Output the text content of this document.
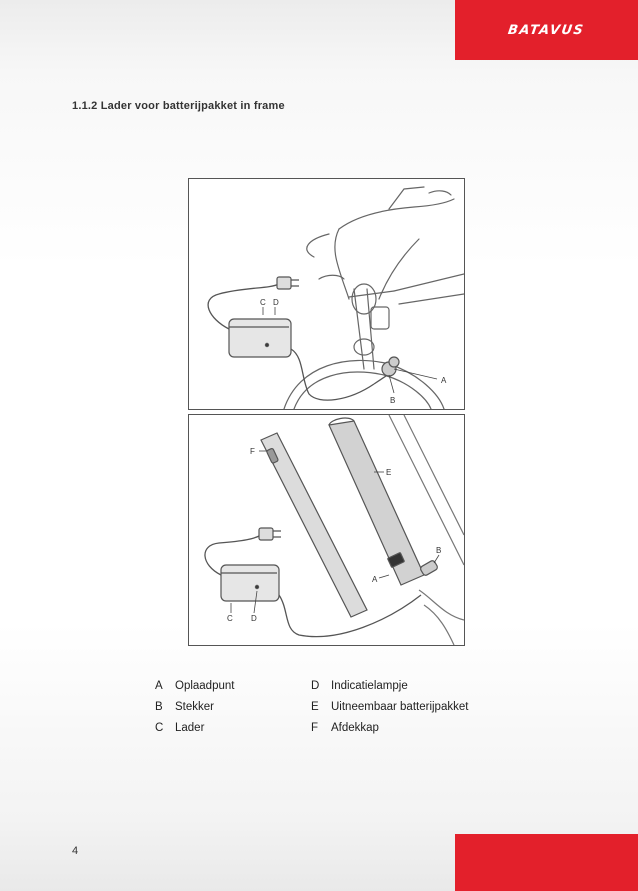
BATAVUS
1.1.2 Lader voor batterijpakket in frame
A
B
C D
F
E
A
B
C D
A	Oplaadpunt
B	Stekker
C	Lader
D	Indicatielampje
E	Uitneembaar batterijpakket
F	Afdekkap
4
